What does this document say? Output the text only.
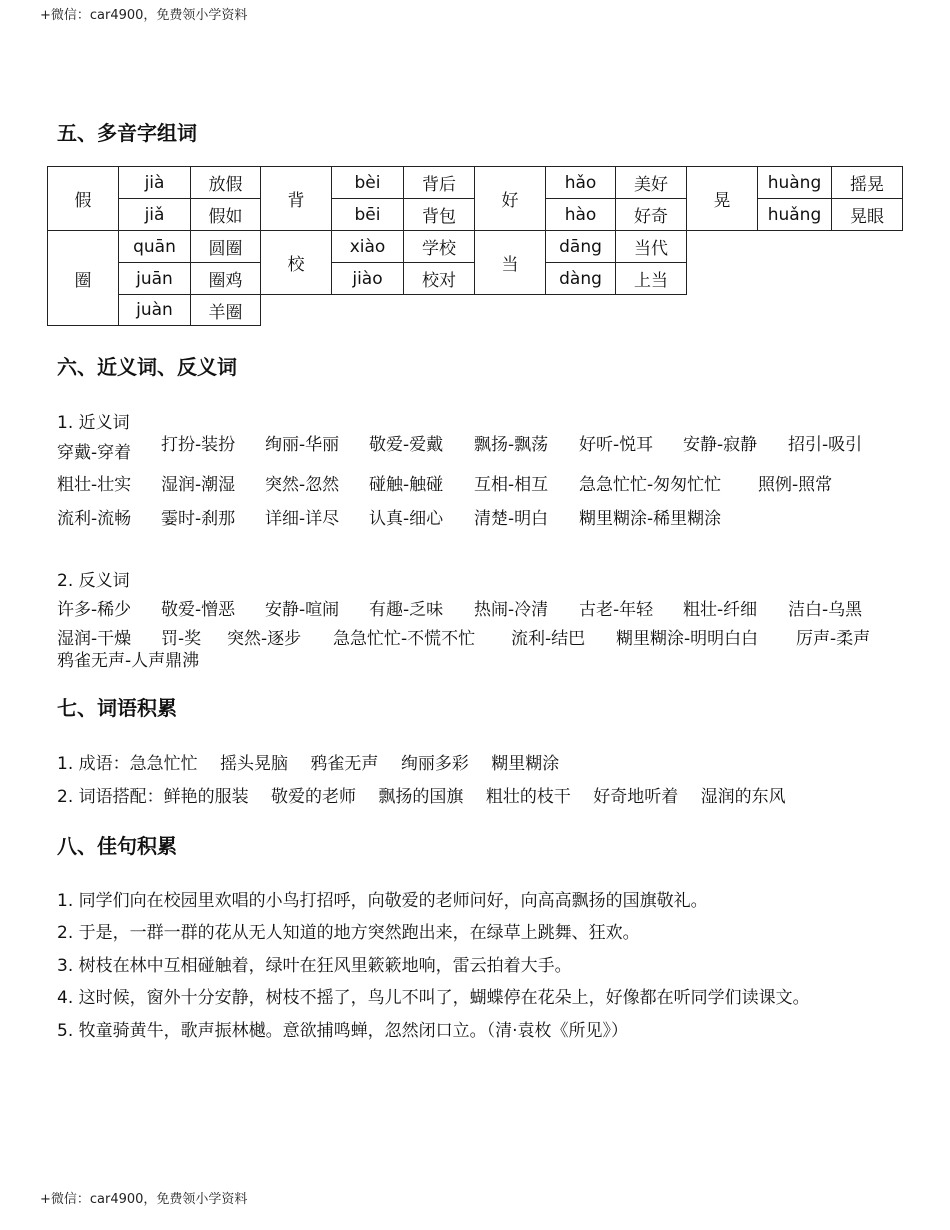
+微信：car4900，免费领小学资料
五、多音字组词
假
jià	放假
jiǎ	假如
背
bèi	背后
bēi	背包
好
hǎo	美好
hào	好奇
晃
huàng	摇晃
huǎng	晃眼
圈
quān	圆圈
juān	圈鸡
juàn	羊圈
校
xiào	学校
jiào	校对
当
dāng	当代
dàng	上当
六、近义词、反义词
1. 近义词
穿戴-穿着 打扮-装扮 绚丽-华丽 敬爱-爱戴 飘扬-飘荡 好听-悦耳 安静-寂静 招引-吸引
粗壮-壮实 湿润-潮湿 突然-忽然 碰触-触碰 互相-相互 急急忙忙-匆匆忙忙 照例-照常
流利-流畅 霎时-刹那 详细-详尽 认真-细心 清楚-明白 糊里糊涂-稀里糊涂
2. 反义词
许多-稀少 敬爱-憎恶 安静-喧闹 有趣-乏味 热闹-冷清 古老-年轻 粗壮-纤细 洁白-乌黑
湿润-干燥 罚-奖 突然-逐步 急急忙忙-不慌不忙 流利-结巴 糊里糊涂-明明白白 厉声-柔声
鸦雀无声-人声鼎沸
七、词语积累
1. 成语：急急忙忙　 摇头晃脑　 鸦雀无声　 绚丽多彩　 糊里糊涂
2. 词语搭配：鲜艳的服装　 敬爱的老师　 飘扬的国旗　 粗壮的枝干　 好奇地听着　 湿润的东风
八、佳句积累
1. 同学们向在校园里欢唱的小鸟打招呼，向敬爱的老师问好，向高高飘扬的国旗敬礼。
2. 于是，一群一群的花从无人知道的地方突然跑出来，在绿草上跳舞、狂欢。
3. 树枝在林中互相碰触着，绿叶在狂风里簌簌地响，雷云拍着大手。
4. 这时候，窗外十分安静，树枝不摇了，鸟儿不叫了，蝴蝶停在花朵上，好像都在听同学们读课文。
5. 牧童骑黄牛，歌声振林樾。意欲捕鸣蝉，忽然闭口立。（清·袁枚《所见》）
+微信：car4900，免费领小学资料
